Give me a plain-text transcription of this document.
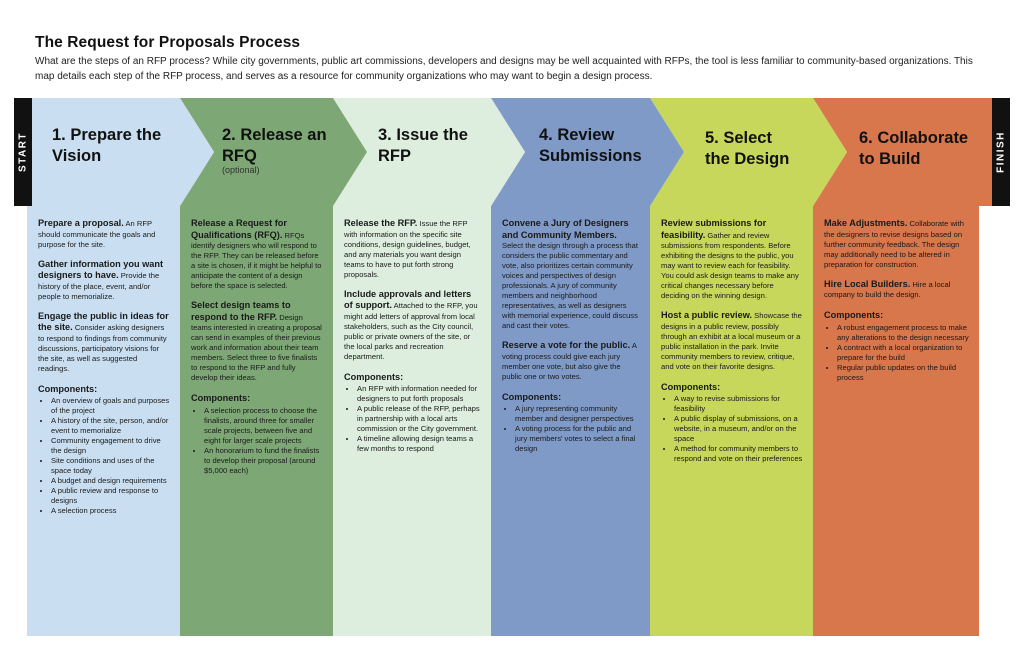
The Request for Proposals Process
What are the steps of an RFP process? While city governments, public art commissions, developers and designs may be well acquainted with RFPs, the tool is less familiar to community-based organizations. This map details each step of the RFP process, and serves as a resource for community organizations who may want to begin a design process.
START	FINISH
1. Prepare the
Vision
2. Release an
RFQ
(optional)
3. Issue the
RFP
4. Review
Submissions
5. Select
the Design
6. Collaborate
to Build
Prepare a proposal. An RFP should communicate the goals and purpose for the site.
Gather information you want designers to have. Provide the history of the place, event, and/or people to memorialize.
Engage the public in ideas for the site. Consider asking designers to respond to findings from community discussions, participatory visions for the site, as well as suggested readings.
Components:
• An overview of goals and purposes of the project
• A history of the site, person, and/or event to memorialize
• Community engagement to drive the design
• Site conditions and uses of the space today
• A budget and design requirements
• A public review and response to designs
• A selection process
Release a Request for Qualifications (RFQ). RFQs identify designers who will respond to the RFP. They can be released before a site is chosen, if it might be helpful to anticipate the content of a design before the space is selected.
Select design teams to respond to the RFP. Design teams interested in creating a proposal can send in examples of their previous work and information about their team members. Select three to five finalists to respond to the RFP and fully develop their ideas.
Components:
• A selection process to choose the finalists, around three for smaller scale projects, between five and eight for larger scale projects
• An honorarium to fund the finalists to develop their proposal (around $5,000 each)
Release the RFP. Issue the RFP with information on the specific site conditions, design guidelines, budget, and any materials you want design teams to have to put forth strong proposals.
Include approvals and letters of support. Attached to the RFP, you might add letters of approval from local stakeholders, such as the City council, public or private owners of the site, or the local parks and recreation department.
Components:
• An RFP with information needed for designers to put forth proposals
• A public release of the RFP, perhaps in partnership with a local arts commission or the City government.
• A timeline allowing design teams a few months to respond
Convene a Jury of Designers and Community Members. Select the design through a process that considers the public commentary and vote, also prioritizes certain community voices and perspectives of design professionals. A jury of community members and neighborhood representatives, as well as designers with memorial experience, could discuss and cast their votes.
Reserve a vote for the public. A voting process could give each jury member one vote, but also give the public one or two votes.
Components:
• A jury representing community member and designer perspectives
• A voting process for the public and jury members' votes to select a final design
Review submissions for feasibility. Gather and review submissions from respondents. Before exhibiting the designs to the public, you may want to review each for feasibility. You could ask design teams to make any critical changes necessary before deciding on the winning design.
Host a public review. Showcase the designs in a public review, possibly through an exhibit at a local museum or a public installation in the park. Invite community members to review, critique, and vote on their favorite designs.
Components:
• A way to revise submissions for feasibility
• A public display of submissions, on a website, in a museum, and/or on the space
• A method for community members to respond and vote on their preferences
Make Adjustments. Collaborate with the designers to revise designs based on further community feedback. The design may additionally need to be altered in preparation for construction.
Hire Local Builders. Hire a local company to build the design.
Components:
• A robust engagement process to make any alterations to the design necessary
• A contract with a local organization to prepare for the build
• Regular public updates on the build process
